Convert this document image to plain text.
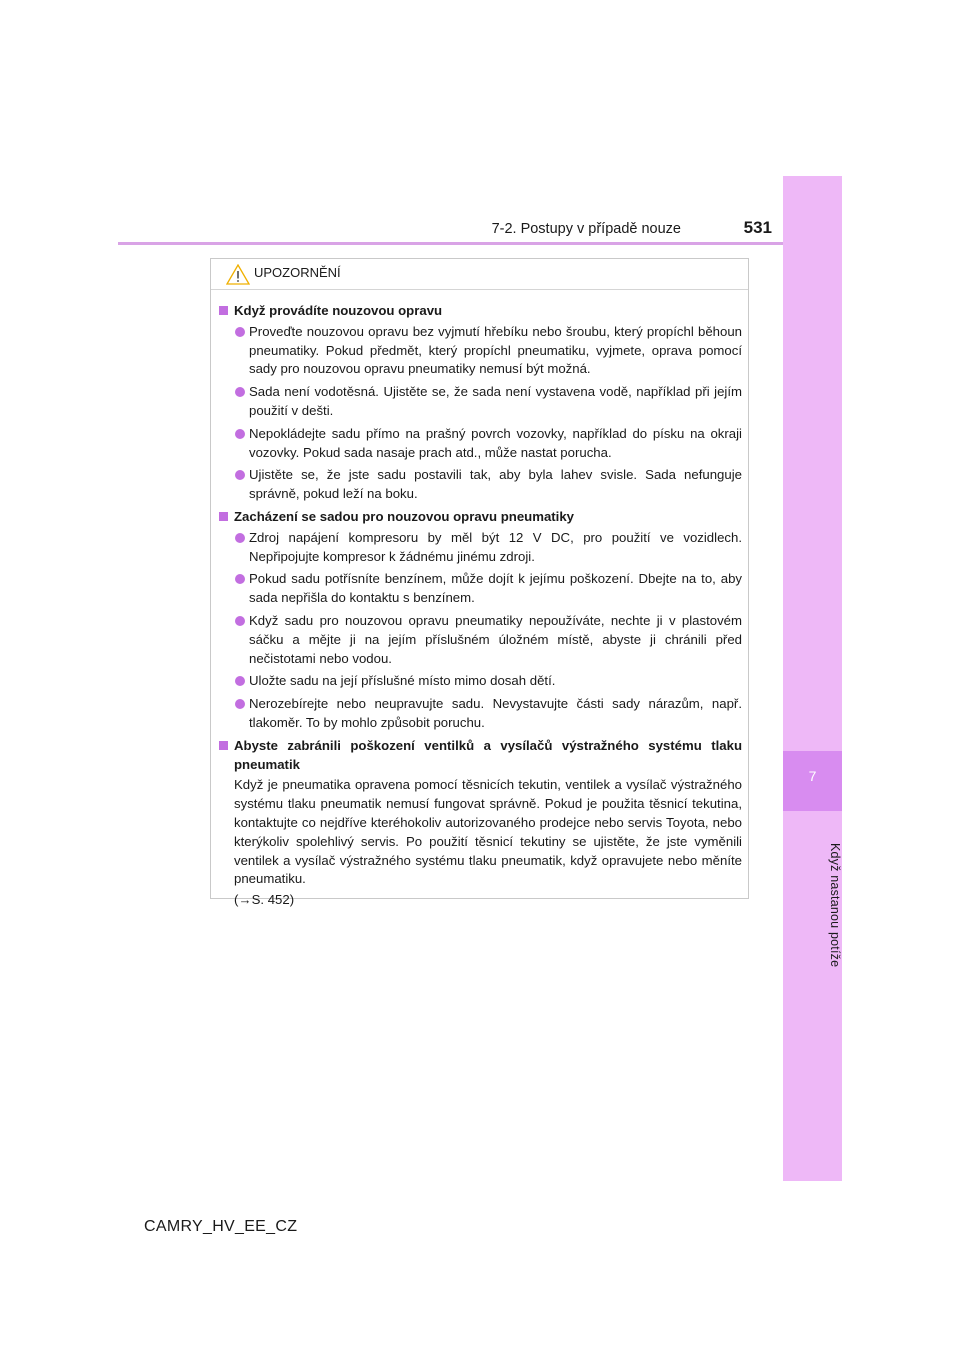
7-2. Postupy v případě nouze	531
7
Když nastanou potíže
UPOZORNĚNÍ
Když provádíte nouzovou opravu
Proveďte nouzovou opravu bez vyjmutí hřebíku nebo šroubu, který propíchl běhoun pneumatiky. Pokud předmět, který propíchl pneumatiku, vyjmete, oprava pomocí sady pro nouzovou opravu pneumatiky nemusí být možná.
Sada není vodotěsná. Ujistěte se, že sada není vystavena vodě, například při jejím použití v dešti.
Nepokládejte sadu přímo na prašný povrch vozovky, například do písku na okraji vozovky. Pokud sada nasaje prach atd., může nastat porucha.
Ujistěte se, že jste sadu postavili tak, aby byla lahev svisle. Sada nefunguje správně, pokud leží na boku.
Zacházení se sadou pro nouzovou opravu pneumatiky
Zdroj napájení kompresoru by měl být 12 V DC, pro použití ve vozidlech. Nepřipojujte kompresor k žádnému jinému zdroji.
Pokud sadu potřísníte benzínem, může dojít k jejímu poškození. Dbejte na to, aby sada nepřišla do kontaktu s benzínem.
Když sadu pro nouzovou opravu pneumatiky nepoužíváte, nechte ji v plastovém sáčku a mějte ji na jejím příslušném úložném místě, abyste ji chránili před nečistotami nebo vodou.
Uložte sadu na její příslušné místo mimo dosah dětí.
Nerozebírejte nebo neupravujte sadu. Nevystavujte části sady nárazům, např. tlakoměr. To by mohlo způsobit poruchu.
Abyste zabránili poškození ventilků a vysílačů výstražného systému tlaku pneumatik
Když je pneumatika opravena pomocí těsnicích tekutin, ventilek a vysílač výstražného systému tlaku pneumatik nemusí fungovat správně. Pokud je použita těsnicí tekutina, kontaktujte co nejdříve kteréhokoliv autorizovaného prodejce nebo servis Toyota, nebo kterýkoliv spolehlivý servis. Po použití těsnicí tekutiny se ujistěte, že jste vyměnili ventilek a vysílač výstražného systému tlaku pneumatik, když opravujete nebo měníte pneumatiku.
(→S. 452)
CAMRY_HV_EE_CZ
